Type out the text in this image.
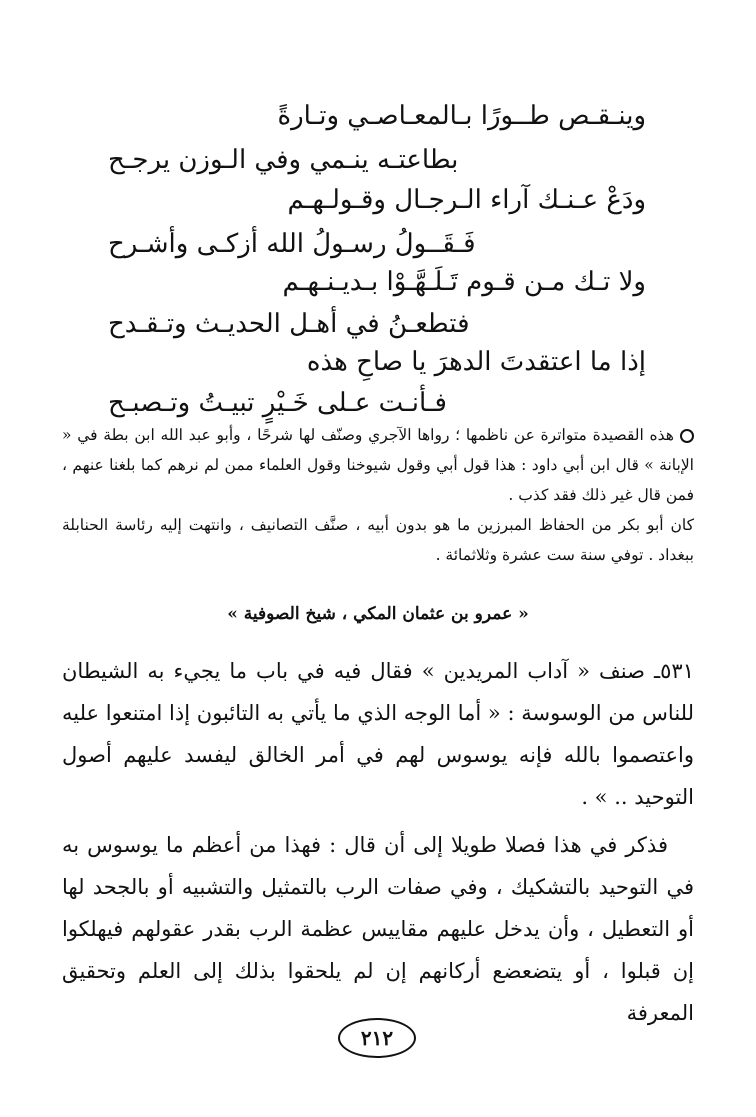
وينـقـص طــورًا بـالمعـاصـي وتـارةً
بطاعتـه ينـمي وفي الـوزن يرجـح
ودَعْ عـنـك آراء الـرجـال وقـولـهـم
فَـقَــولُ رسـولُ الله أزكـى وأشـرح
ولا تـك مـن قـوم تَـلَـهَّـوْا بـديـنـهـم
فتطعـنُ في أهـل الحديـث وتـقـدح
إذا ما اعتقدتَ الدهرَ يا صاحِ هذه
فـأنـت عـلى خَـيْرٍ تبيـتُ وتـصبـح

هذه القصيدة متواترة عن ناظمها ؛ رواها الآجري وصنّف لها شرحًا ، وأبو عبد الله ابن بطة في « الإبانة » قال ابن أبي داود : هذا قول أبي وقول شيوخنا وقول العلماء ممن لم نرهم كما بلغنا عنهم ، فمن قال غير ذلك فقد كذب .

كان أبو بكر من الحفاظ المبرزين ما هو بدون أبيه ، صنَّف التصانيف ، وانتهت إليه رئاسة الحنابلة ببغداد . توفي سنة ست عشرة وثلاثمائة .

« عمرو بن عثمان المكي ، شيخ الصوفية »

٥٣١ـ صنف « آداب المريدين » فقال فيه في باب ما يجيء به الشيطان للناس من الوسوسة : « أما الوجه الذي ما يأتي به التائبون إذا امتنعوا عليه واعتصموا بالله فإنه يوسوس لهم في أمر الخالق ليفسد عليهم أصول التوحيد .. » .

فذكر في هذا فصلا طويلا إلى أن قال : فهذا من أعظم ما يوسوس به في التوحيد بالتشكيك ، وفي صفات الرب بالتمثيل والتشبيه أو بالجحد لها أو التعطيل ، وأن يدخل عليهم مقاييس عظمة الرب بقدر عقولهم فيهلكوا إن قبلوا ، أو يتضعضع أركانهم إن لم يلحقوا بذلك إلى العلم وتحقيق المعرفة

٢١٢
